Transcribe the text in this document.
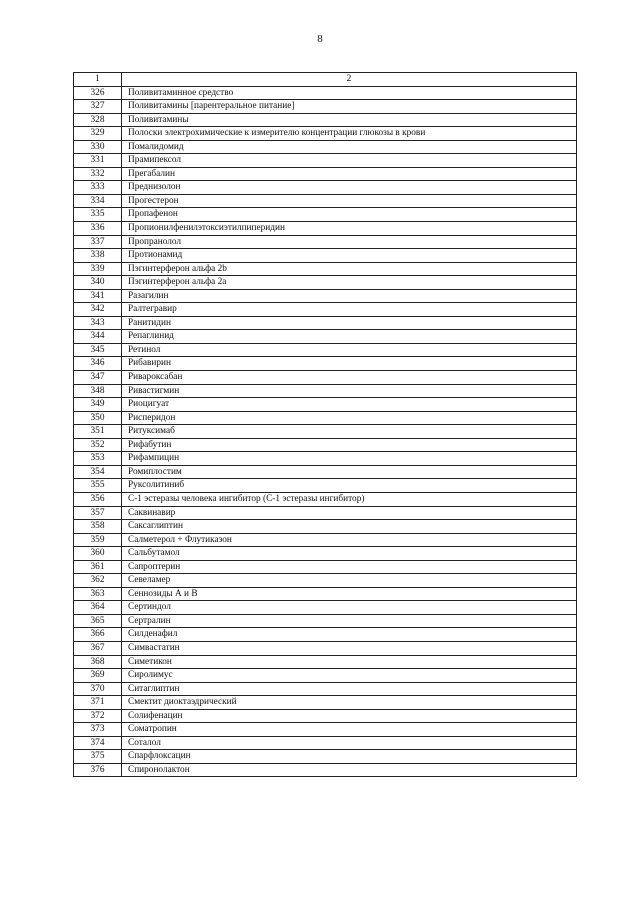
8
1	2
326	Поливитаминное средство
327	Поливитамины [парентеральное питание]
328	Поливитамины
329	Полоски электрохимические к измерителю концентрации глюкозы в крови
330	Помалидомид
331	Прамипексол
332	Прегабалин
333	Преднизолон
334	Прогестерон
335	Пропафенон
336	Пропионилфенилэтоксиэтилпиперидин
337	Пропранолол
338	Протионамид
339	Пэгинтерферон альфа 2b
340	Пэгинтерферон альфа 2a
341	Разагилин
342	Ралтегравир
343	Ранитидин
344	Репаглинид
345	Ретинол
346	Рибавирин
347	Ривароксабан
348	Ривастигмин
349	Риоцигуат
350	Рисперидон
351	Ритуксимаб
352	Рифабутин
353	Рифампицин
354	Ромиплостим
355	Руксолитиниб
356	С-1 эстеразы человека ингибитор (С-1 эстеразы ингибитор)
357	Саквинавир
358	Саксаглиптин
359	Салметерол + Флутиказон
360	Сальбутамол
361	Сапроптерин
362	Севеламер
363	Сеннозиды А и В
364	Сертиндол
365	Сертралин
366	Силденафил
367	Симвастатин
368	Симетикон
369	Сиролимус
370	Ситаглиптин
371	Смектит диоктаэдрический
372	Солифенацин
373	Соматропин
374	Соталол
375	Спарфлоксацин
376	Спиронолактон
